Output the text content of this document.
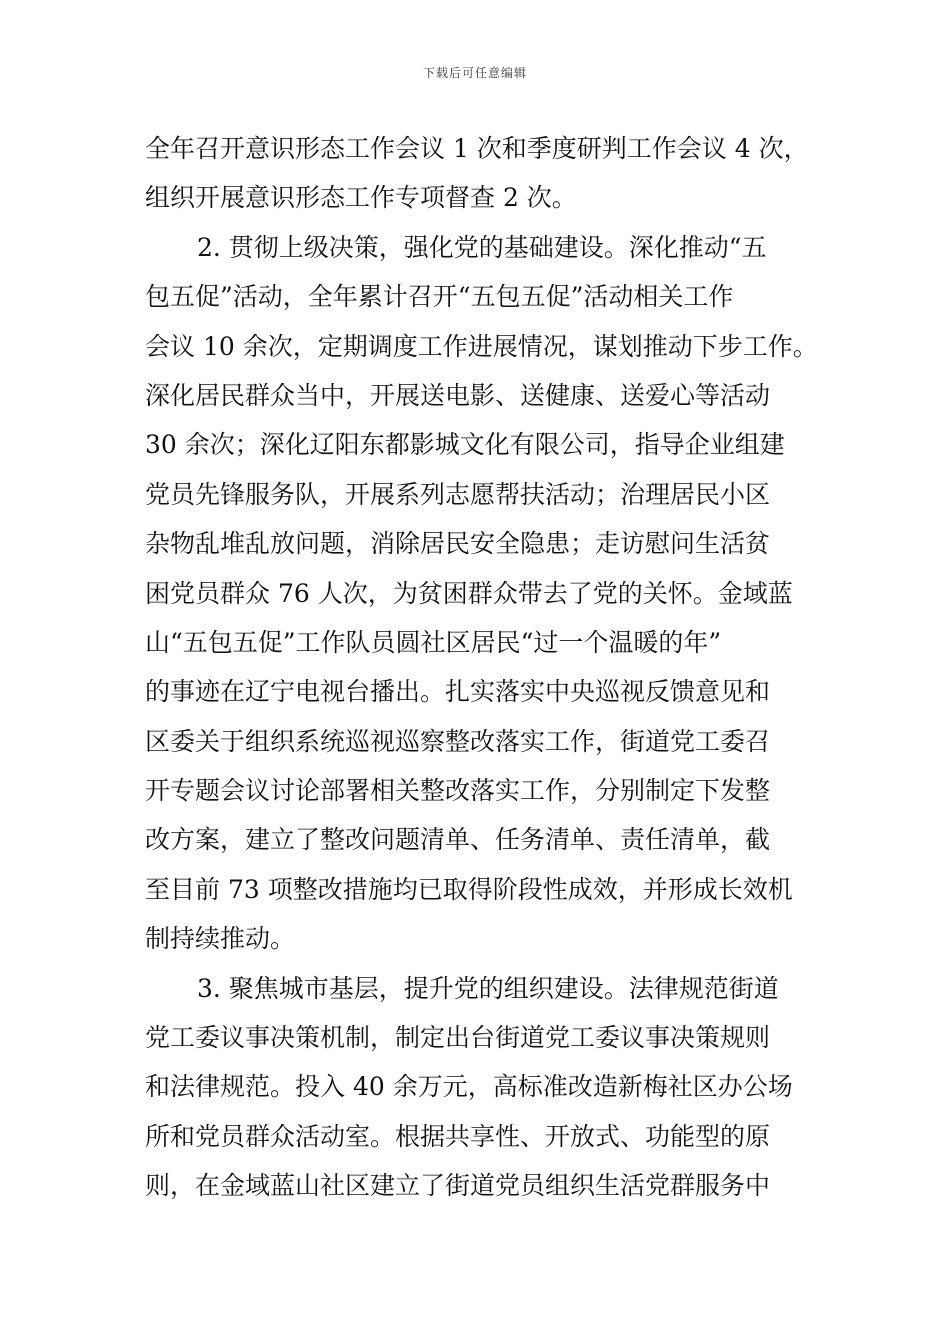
下载后可任意编辑
全年召开意识形态工作会议 1 次和季度研判工作会议 4 次，
组织开展意识形态工作专项督查 2 次。
2. 贯彻上级决策，强化党的基础建设。深化推动“五
包五促”活动，全年累计召开“五包五促”活动相关工作
会议 10 余次，定期调度工作进展情况，谋划推动下步工作。
深化居民群众当中，开展送电影、送健康、送爱心等活动
30 余次；深化辽阳东都影城文化有限公司，指导企业组建
党员先锋服务队，开展系列志愿帮扶活动；治理居民小区
杂物乱堆乱放问题，消除居民安全隐患；走访慰问生活贫
困党员群众 76 人次，为贫困群众带去了党的关怀。金域蓝
山“五包五促”工作队员圆社区居民“过一个温暖的年”
的事迹在辽宁电视台播出。扎实落实中央巡视反馈意见和
区委关于组织系统巡视巡察整改落实工作，街道党工委召
开专题会议讨论部署相关整改落实工作，分别制定下发整
改方案，建立了整改问题清单、任务清单、责任清单，截
至目前 73 项整改措施均已取得阶段性成效，并形成长效机
制持续推动。
3. 聚焦城市基层，提升党的组织建设。法律规范街道
党工委议事决策机制，制定出台街道党工委议事决策规则
和法律规范。投入 40 余万元，高标准改造新梅社区办公场
所和党员群众活动室。根据共享性、开放式、功能型的原
则，在金域蓝山社区建立了街道党员组织生活党群服务中
